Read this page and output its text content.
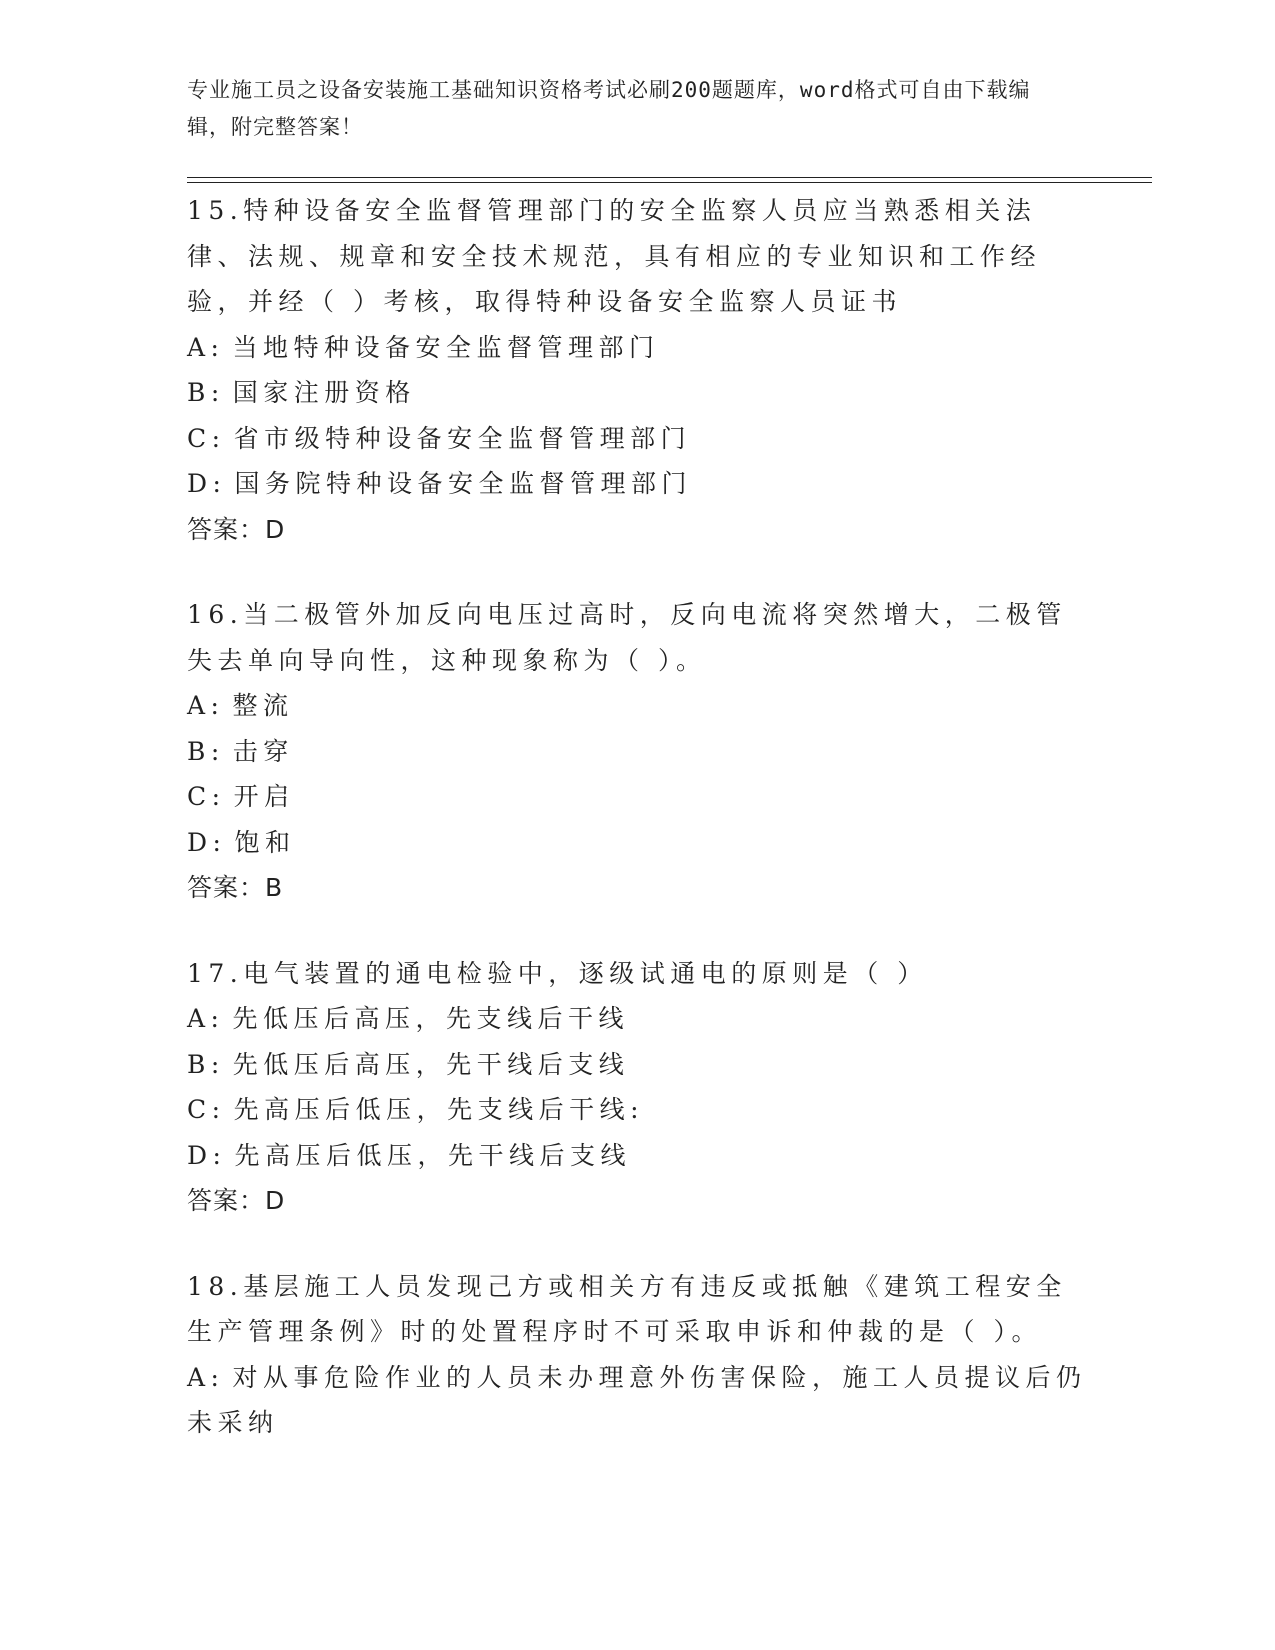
专业施工员之设备安装施工基础知识资格考试必刷200题题库，word格式可自由下载编辑，附完整答案！

15.特种设备安全监督管理部门的安全监察人员应当熟悉相关法律、法规、规章和安全技术规范，具有相应的专业知识和工作经验，并经（ ）考核，取得特种设备安全监察人员证书

A: 当地特种设备安全监督管理部门

B: 国家注册资格

C: 省市级特种设备安全监督管理部门

D: 国务院特种设备安全监督管理部门

答案：D

16.当二极管外加反向电压过高时，反向电流将突然增大，二极管失去单向导向性，这种现象称为（ ）。

A: 整流

B: 击穿

C: 开启

D: 饱和

答案：B

17.电气装置的通电检验中，逐级试通电的原则是（ ）

A: 先低压后高压，先支线后干线

B: 先低压后高压，先干线后支线

C: 先高压后低压，先支线后干线:

D: 先高压后低压，先干线后支线

答案：D

18.基层施工人员发现己方或相关方有违反或抵触《建筑工程安全生产管理条例》时的处置程序时不可采取申诉和仲裁的是（ ）。

A: 对从事危险作业的人员未办理意外伤害保险，施工人员提议后仍未采纳
